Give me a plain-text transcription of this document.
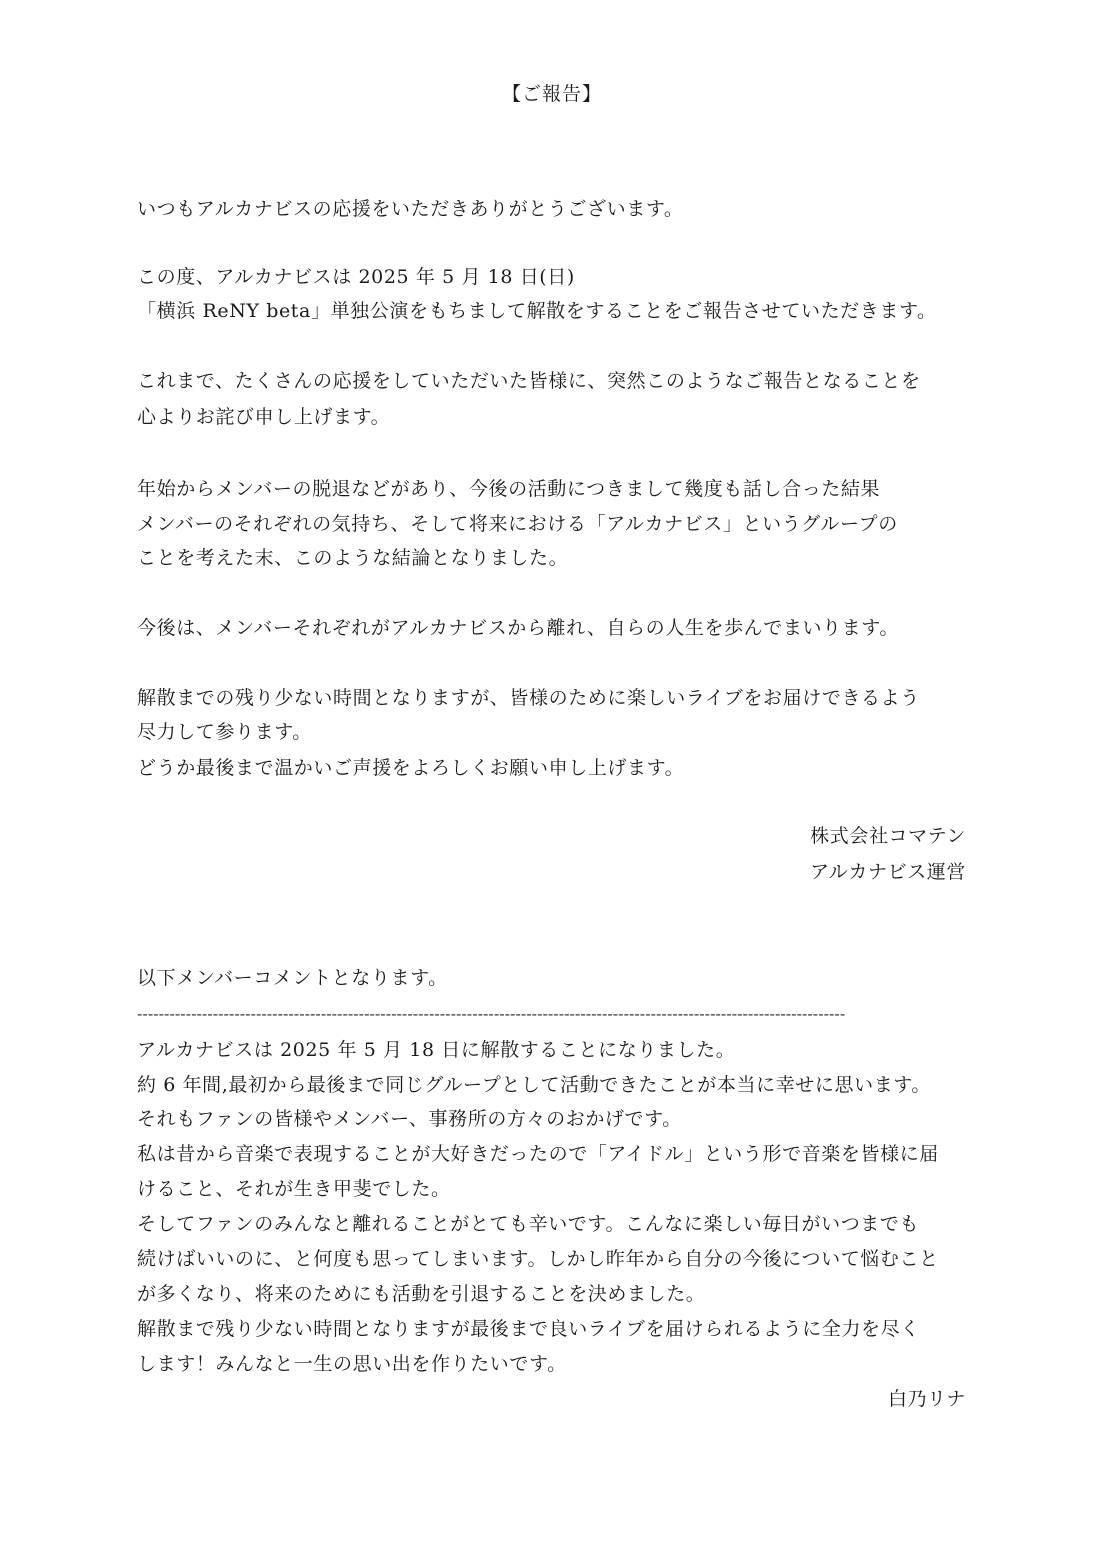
【ご報告】
いつもアルカナビスの応援をいただきありがとうございます。
この度、アルカナビスは 2025 年 5 月 18 日(日)
「横浜 ReNY beta」単独公演をもちまして解散をすることをご報告させていただきます。
これまで、たくさんの応援をしていただいた皆様に、突然このようなご報告となることを
心よりお詫び申し上げます。
年始からメンバーの脱退などがあり、今後の活動につきまして幾度も話し合った結果
メンバーのそれぞれの気持ち、そして将来における「アルカナビス」というグループの
ことを考えた末、このような結論となりました。
今後は、メンバーそれぞれがアルカナビスから離れ、自らの人生を歩んでまいります。
解散までの残り少ない時間となりますが、皆様のために楽しいライブをお届けできるよう
尽力して参ります。
どうか最後まで温かいご声援をよろしくお願い申し上げます。
株式会社コマテン
アルカナビス運営
以下メンバーコメントとなります。
-----------------------------------------------------------------------------------------------------------------------------------
アルカナビスは 2025 年 5 月 18 日に解散することになりました。
約 6 年間,最初から最後まで同じグループとして活動できたことが本当に幸せに思います。
それもファンの皆様やメンバー、事務所の方々のおかげです。
私は昔から音楽で表現することが大好きだったので「アイドル」という形で音楽を皆様に届
けること、それが生き甲斐でした。
そしてファンのみんなと離れることがとても辛いです。こんなに楽しい毎日がいつまでも
続けばいいのに、と何度も思ってしまいます。しかし昨年から自分の今後について悩むこと
が多くなり、将来のためにも活動を引退することを決めました。
解散まで残り少ない時間となりますが最後まで良いライブを届けられるように全力を尽く
します！みんなと一生の思い出を作りたいです。
白乃リナ
